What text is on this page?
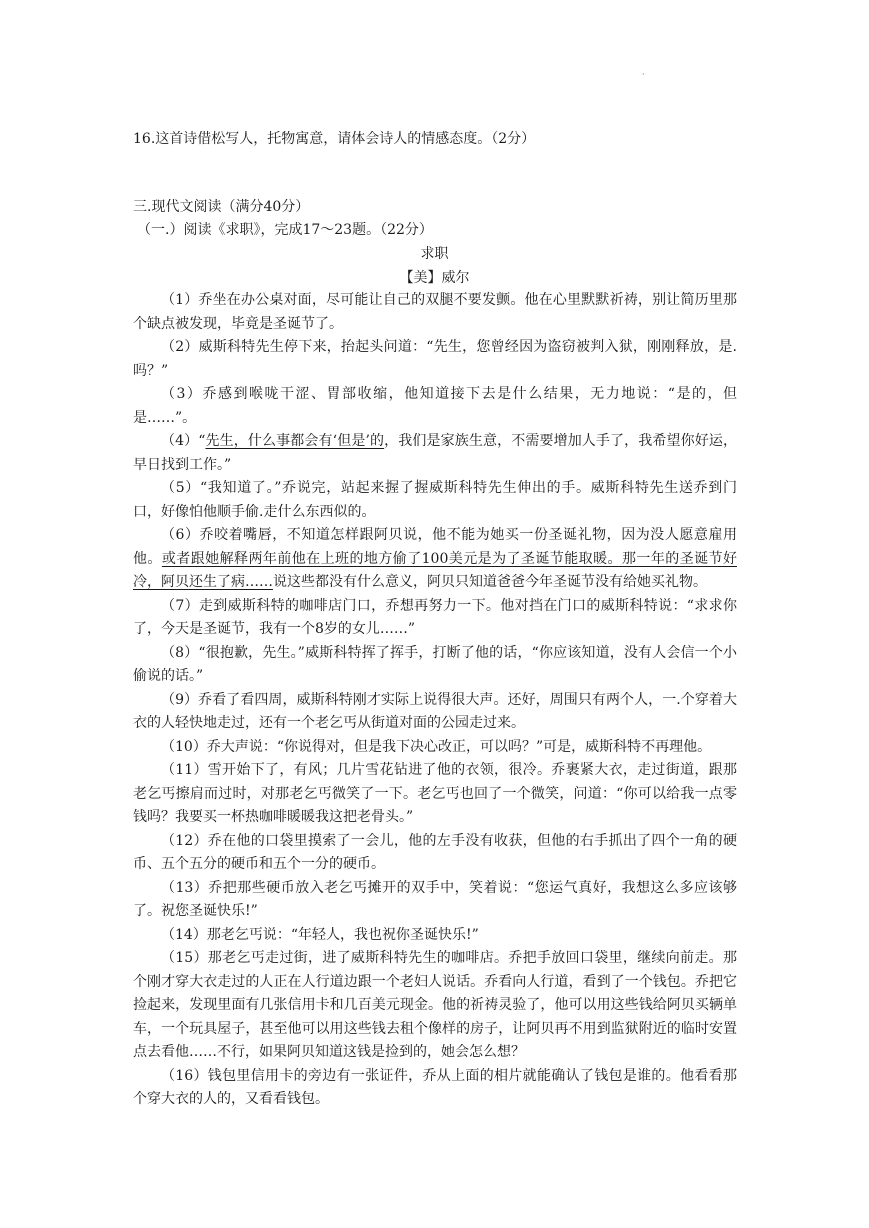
·
16.这首诗借松写人，托物寓意，请体会诗人的情感态度。（2分）
三.现代文阅读（满分40分）
（一.）阅读《求职》，完成17～23题。（22分）
求职
【美】威尔

（1）乔坐在办公桌对面，尽可能让自己的双腿不要发颤。他在心里默默祈祷，别让简历里那个缺点被发现，毕竟是圣诞节了。

（2）威斯科特先生停下来，抬起头问道：“先生，您曾经因为盗窃被判入狱，刚刚释放，是.吗？”

（3）乔感到喉咙干涩、胃部收缩，他知道接下去是什么结果，无力地说：“是的，但是……”。

（4）“先生，什么事都会有‘但是’的，我们是家族生意，不需要增加人手了，我希望你好运，早日找到工作。”

（5）“我知道了。”乔说完，站起来握了握威斯科特先生伸出的手。威斯科特先生送乔到门口，好像怕他顺手偷.走什么东西似的。

（6）乔咬着嘴唇，不知道怎样跟阿贝说，他不能为她买一份圣诞礼物，因为没人愿意雇用他。或者跟她解释两年前他在上班的地方偷了100美元是为了圣诞节能取暖。那一年的圣诞节好冷，阿贝还生了病……说这些都没有什么意义，阿贝只知道爸爸今年圣诞节没有给她买礼物。

（7）走到威斯科特的咖啡店门口，乔想再努力一下。他对挡在门口的威斯科特说：“求求你了，今天是圣诞节，我有一个8岁的女儿……”

（8）“很抱歉，先生。”威斯科特挥了挥手，打断了他的话，“你应该知道，没有人会信一个小偷说的话。”

（9）乔看了看四周，威斯科特刚才实际上说得很大声。还好，周围只有两个人，一.个穿着大衣的人轻快地走过，还有一个老乞丐从街道对面的公园走过来。

（10）乔大声说：“你说得对，但是我下决心改正，可以吗？”可是，威斯科特不再理他。

（11）雪开始下了，有风；几片雪花钻进了他的衣领，很冷。乔裹紧大衣，走过街道，跟那老乞丐擦肩而过时，对那老乞丐微笑了一下。老乞丐也回了一个微笑，问道：“你可以给我一点零钱吗？我要买一杯热咖啡暖暖我这把老骨头。”

（12）乔在他的口袋里摸索了一会儿，他的左手没有收获，但他的右手抓出了四个一角的硬币、五个五分的硬币和五个一分的硬币。

（13）乔把那些硬币放入老乞丐摊开的双手中，笑着说：“您运气真好，我想这么多应该够了。祝您圣诞快乐!”

（14）那老乞丐说：“年轻人，我也祝你圣诞快乐!”

（15）那老乞丐走过街，进了威斯科特先生的咖啡店。乔把手放回口袋里，继续向前走。那个刚才穿大衣走过的人正在人行道边跟一个老妇人说话。乔看向人行道，看到了一个钱包。乔把它捡起来，发现里面有几张信用卡和几百美元现金。他的祈祷灵验了，他可以用这些钱给阿贝买辆单车，一个玩具屋子，甚至他可以用这些钱去租个像样的房子，让阿贝再不用到监狱附近的临时安置点去看他……不行，如果阿贝知道这钱是捡到的，她会怎么想？

（16）钱包里信用卡的旁边有一张证件，乔从上面的相片就能确认了钱包是谁的。他看看那个穿大衣的人的，又看看钱包。
